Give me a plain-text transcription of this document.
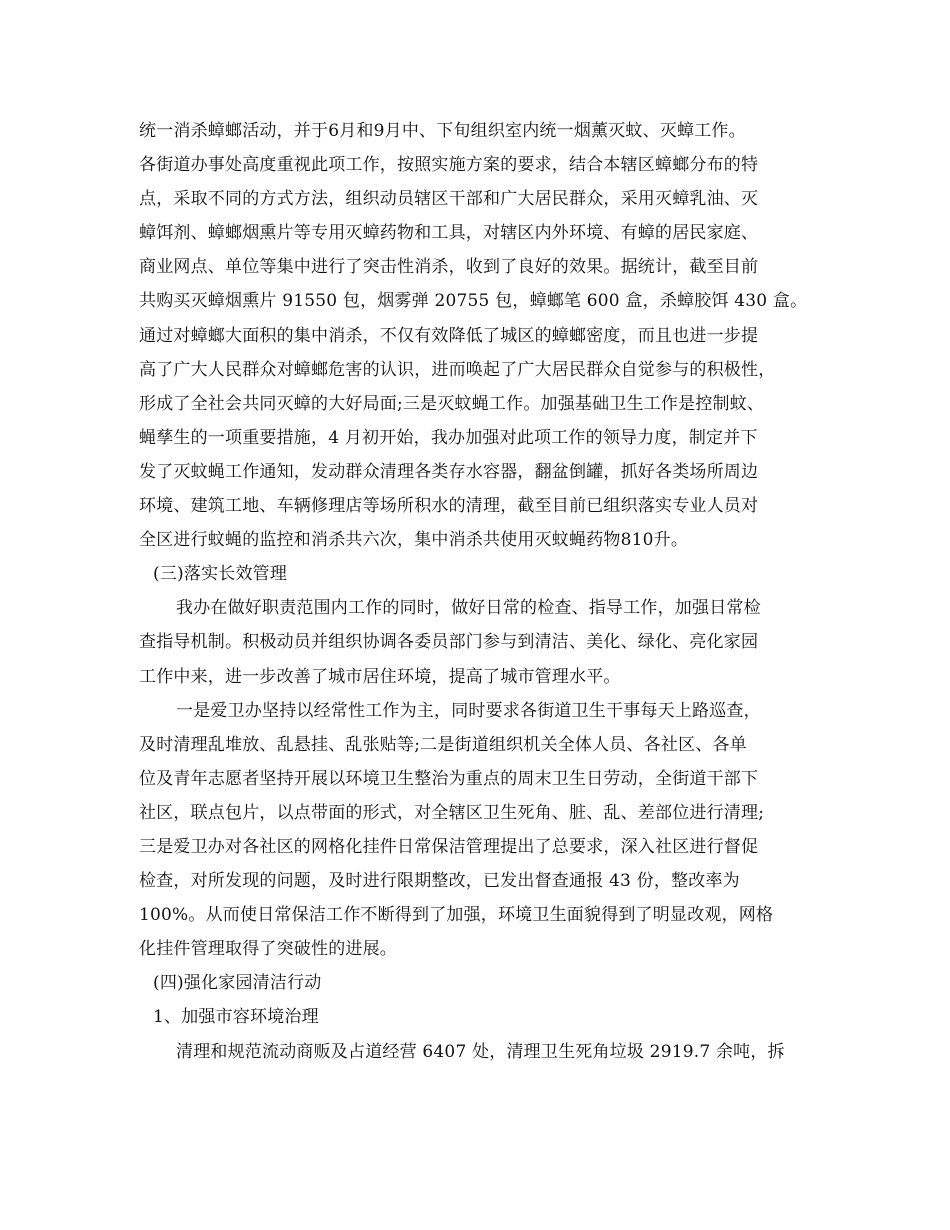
统一消杀蟑螂活动，并于6月和9月中、下旬组织室内统一烟薰灭蚊、灭蟑工作。
各街道办事处高度重视此项工作，按照实施方案的要求，结合本辖区蟑螂分布的特
点，采取不同的方式方法，组织动员辖区干部和广大居民群众，采用灭蟑乳油、灭
蟑饵剂、蟑螂烟熏片等专用灭蟑药物和工具，对辖区内外环境、有蟑的居民家庭、
商业网点、单位等集中进行了突击性消杀，收到了良好的效果。据统计，截至目前
共购买灭蟑烟熏片 91550 包，烟雾弹 20755 包，蟑螂笔 600 盒，杀蟑胶饵 430 盒。
通过对蟑螂大面积的集中消杀，不仅有效降低了城区的蟑螂密度，而且也进一步提
高了广大人民群众对蟑螂危害的认识，进而唤起了广大居民群众自觉参与的积极性，
形成了全社会共同灭蟑的大好局面;三是灭蚊蝇工作。加强基础卫生工作是控制蚊、
蝇孳生的一项重要措施，4 月初开始，我办加强对此项工作的领导力度，制定并下
发了灭蚊蝇工作通知，发动群众清理各类存水容器，翻盆倒罐，抓好各类场所周边
环境、建筑工地、车辆修理店等场所积水的清理，截至目前已组织落实专业人员对
全区进行蚊蝇的监控和消杀共六次，集中消杀共使用灭蚊蝇药物810升。
(三)落实长效管理
我办在做好职责范围内工作的同时，做好日常的检查、指导工作，加强日常检
查指导机制。积极动员并组织协调各委员部门参与到清洁、美化、绿化、亮化家园
工作中来，进一步改善了城市居住环境，提高了城市管理水平。
一是爱卫办坚持以经常性工作为主，同时要求各街道卫生干事每天上路巡查，
及时清理乱堆放、乱悬挂、乱张贴等;二是街道组织机关全体人员、各社区、各单
位及青年志愿者坚持开展以环境卫生整治为重点的周末卫生日劳动，全街道干部下
社区，联点包片，以点带面的形式，对全辖区卫生死角、脏、乱、差部位进行清理;
三是爱卫办对各社区的网格化挂件日常保洁管理提出了总要求，深入社区进行督促
检查，对所发现的问题，及时进行限期整改，已发出督查通报 43 份，整改率为
100%。从而使日常保洁工作不断得到了加强，环境卫生面貌得到了明显改观，网格
化挂件管理取得了突破性的进展。
(四)强化家园清洁行动
1、加强市容环境治理
清理和规范流动商贩及占道经营 6407 处，清理卫生死角垃圾 2919.7 余吨，拆
